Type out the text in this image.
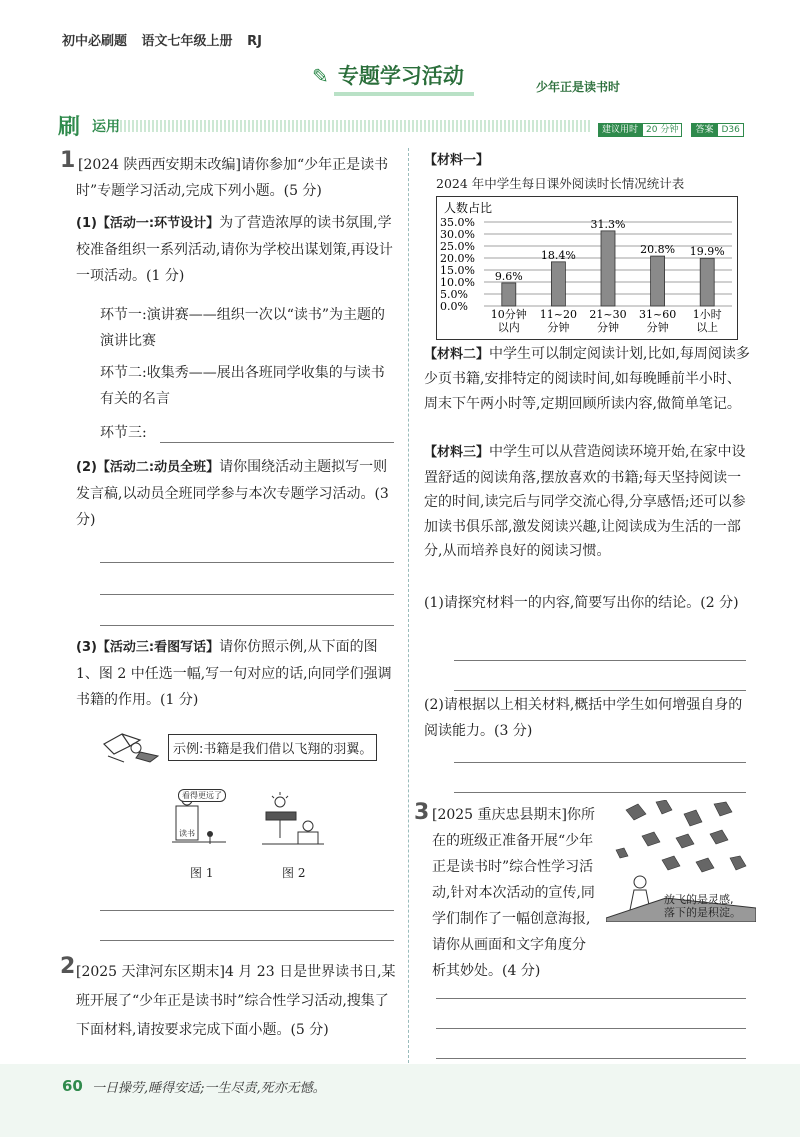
初中必刷题 语文七年级上册 RJ
✎ 专题学习活动	少年正是读书时
刷 运用	建议用时 20 分钟 答案 D36
1 [2024 陕西西安期末改编]请你参加“少年正是读书时”专题学习活动,完成下列小题。(5 分)
(1)【活动一:环节设计】为了营造浓厚的读书氛围,学校准备组织一系列活动,请你为学校出谋划策,再设计一项活动。(1 分)
环节一:演讲赛——组织一次以“读书”为主题的演讲比赛
环节二:收集秀——展出各班同学收集的与读书有关的名言
环节三:
(2)【活动二:动员全班】请你围绕活动主题拟写一则发言稿,以动员全班同学参与本次专题学习活动。(3 分)
(3)【活动三:看图写话】请你仿照示例,从下面的图 1、图 2 中任选一幅,写一句对应的话,向同学们强调书籍的作用。(1 分)
示例:书籍是我们借以飞翔的羽翼。
看得更远了
读书
图 1	图 2
2 [2025 天津河东区期末]4 月 23 日是世界读书日,某班开展了“少年正是读书时”综合性学习活动,搜集了下面材料,请按要求完成下面小题。(5 分)
【材料一】
2024 年中学生每日课外阅读时长情况统计表
人数占比
35.0%
30.0%
25.0%
20.0%
15.0%
10.0%
5.0%
0.0%
9.6%
10分钟
以内
18.4%
11~20
分钟
31.3%
21~30
分钟
20.8%
31~60
分钟
19.9%
1小时
以上
【材料二】中学生可以制定阅读计划,比如,每周阅读多少页书籍,安排特定的阅读时间,如每晚睡前半小时、周末下午两小时等,定期回顾所读内容,做简单笔记。
【材料三】中学生可以从营造阅读环境开始,在家中设置舒适的阅读角落,摆放喜欢的书籍;每天坚持阅读一定的时间,读完后与同学交流心得,分享感悟;还可以参加读书俱乐部,激发阅读兴趣,让阅读成为生活的一部分,从而培养良好的阅读习惯。
(1)请探究材料一的内容,简要写出你的结论。(2 分)
(2)请根据以上相关材料,概括中学生如何增强自身的阅读能力。(3 分)
3 [2025 重庆忠县期末]你所在的班级正准备开展“少年正是读书时”综合性学习活动,针对本次活动的宣传,同学们制作了一幅创意海报,请你从画面和文字角度分析其妙处。(4 分)
放飞的是灵感,
落下的是积淀。
60 一日操劳,睡得安适;一生尽责,死亦无憾。
